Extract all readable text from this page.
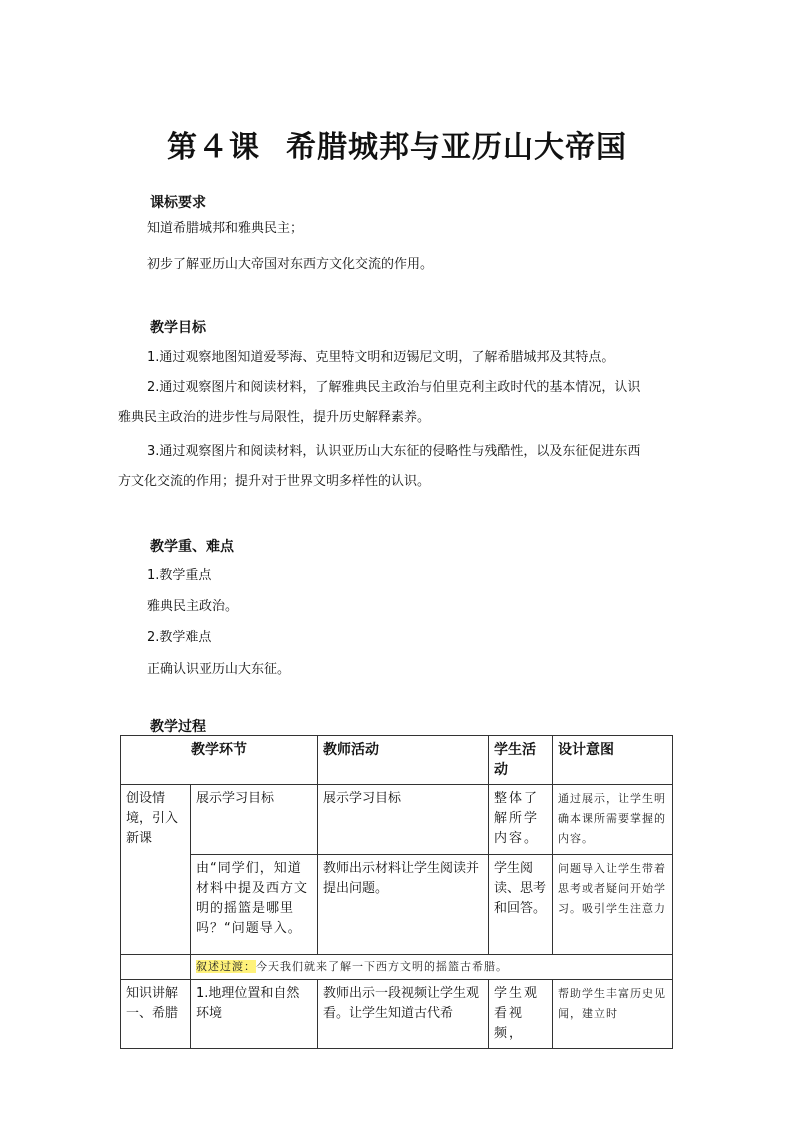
第４课 希腊城邦与亚历山大帝国
课标要求
知道希腊城邦和雅典民主；
初步了解亚历山大帝国对东西方文化交流的作用。
教学目标
1.通过观察地图知道爱琴海、克里特文明和迈锡尼文明，了解希腊城邦及其特点。
2.通过观察图片和阅读材料，了解雅典民主政治与伯里克利主政时代的基本情况，认识
雅典民主政治的进步性与局限性，提升历史解释素养。
3.通过观察图片和阅读材料，认识亚历山大东征的侵略性与残酷性，以及东征促进东西
方文化交流的作用；提升对于世界文明多样性的认识。
教学重、难点
1.教学重点
雅典民主政治。
2.教学难点
正确认识亚历山大东征。
教学过程
教学环节		教师活动	学生活动	设计意图
创设情境，引入新课	展示学习目标	展示学习目标	整体了解所学内容。	通过展示，让学生明确本课所需要掌握的内容。
	由“同学们，知道材料中提及西方文明的摇篮是哪里吗？“问题导入。	教师出示材料让学生阅读并提出问题。	学生阅读、思考和回答。	问题导入让学生带着思考或者疑问开始学习。吸引学生注意力
	叙述过渡：今天我们就来了解一下西方文明的摇篮古希腊。			
知识讲解一、希腊	1.地理位置和自然环境	教师出示一段视频让学生观看。让学生知道古代希	学生观看视频，	帮助学生丰富历史见闻，建立时
